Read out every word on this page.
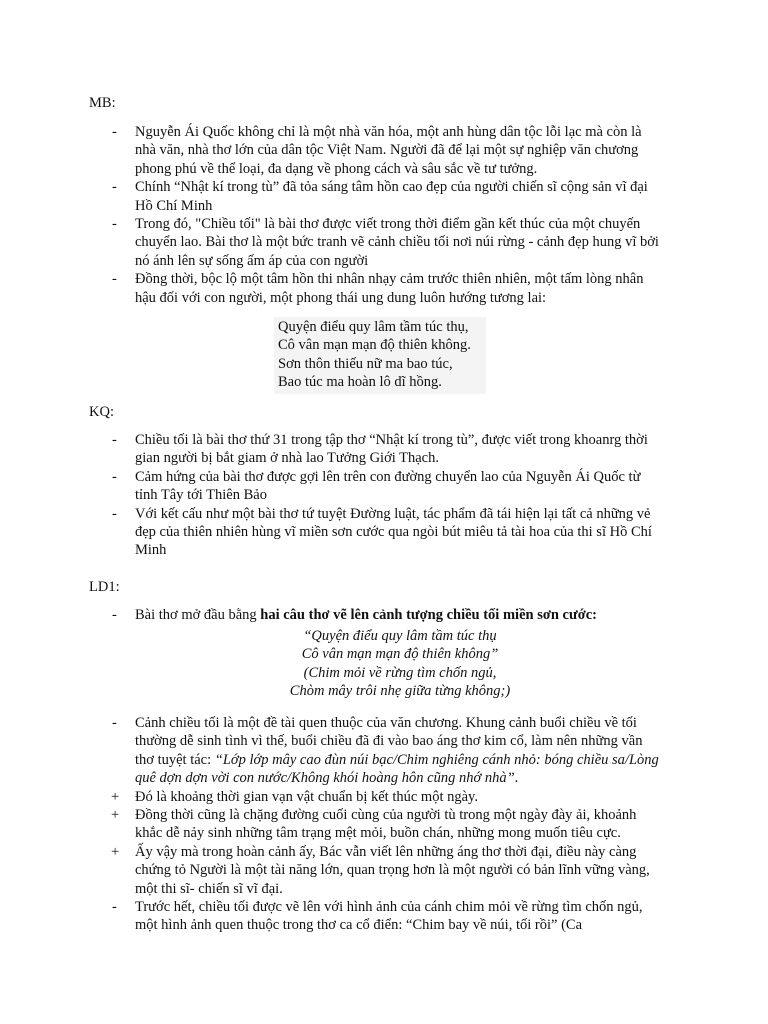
MB:
- Nguyễn Ái Quốc không chỉ là một nhà văn hóa, một anh hùng dân tộc lỗi lạc mà còn là nhà văn, nhà thơ lớn của dân tộc Việt Nam. Người đã để lại một sự nghiệp văn chương phong phú về thể loại, đa dạng về phong cách và sâu sắc về tư tưởng.
- Chính “Nhật kí trong tù” đã tỏa sáng tâm hồn cao đẹp của người chiến sĩ cộng sản vĩ đại Hồ Chí Minh
- Trong đó, "Chiều tối" là bài thơ được viết trong thời điểm gần kết thúc của một chuyến chuyển lao. Bài thơ là một bức tranh vẽ cảnh chiều tối nơi núi rừng - cảnh đẹp hung vĩ bởi nó ánh lên sự sống ấm áp của con người
- Đồng thời, bộc lộ một tâm hồn thi nhân nhạy cảm trước thiên nhiên, một tấm lòng nhân hậu đối với con người, một phong thái ung dung luôn hướng tương lai:
Quyện điểu quy lâm tầm túc thụ,
Cô vân mạn mạn độ thiên không.
Sơn thôn thiếu nữ ma bao túc,
Bao túc ma hoàn lô dĩ hồng.
KQ:
- Chiều tối là bài thơ thứ 31 trong tập thơ “Nhật kí trong tù”, được viết trong khoanrg thời gian người bị bắt giam ở nhà lao Tưởng Giới Thạch.
- Cảm hứng của bài thơ được gợi lên trên con đường chuyển lao của Nguyễn Ái Quốc từ tỉnh Tây tới Thiên Bảo
- Với kết cấu như một bài thơ tứ tuyệt Đường luật, tác phẩm đã tái hiện lại tất cả những vẻ đẹp của thiên nhiên hùng vĩ miền sơn cước qua ngòi bút miêu tả tài hoa của thi sĩ Hồ Chí Minh
LD1:
- Bài thơ mở đầu bằng hai câu thơ vẽ lên cảnh tượng chiều tối miền sơn cước:
“Quyện điểu quy lâm tầm túc thụ
Cô vân mạn mạn độ thiên không”
(Chim mỏi về rừng tìm chốn ngủ,
Chòm mây trôi nhẹ giữa từng không;)
- Cảnh chiều tối là một đề tài quen thuộc của văn chương. Khung cảnh buổi chiều về tối thường dễ sinh tình vì thế, buổi chiều đã đi vào bao áng thơ kim cổ, làm nên những vần thơ tuyệt tác: “Lớp lớp mây cao đùn núi bạc/Chim nghiêng cánh nhỏ: bóng chiều sa/Lòng quê dợn dợn vời con nước/Không khói hoàng hôn cũng nhớ nhà”.
+ Đó là khoảng thời gian vạn vật chuẩn bị kết thúc một ngày.
+ Đồng thời cũng là chặng đường cuối cùng của người tù trong một ngày đày ải, khoảnh khắc dễ nảy sinh những tâm trạng mệt mỏi, buồn chán, những mong muốn tiêu cực.
+ Ấy vậy mà trong hoàn cảnh ấy, Bác vẫn viết lên những áng thơ thời đại, điều này càng chứng tỏ Người là một tài năng lớn, quan trọng hơn là một người có bản lĩnh vững vàng, một thi sĩ- chiến sĩ vĩ đại.
- Trước hết, chiều tối được vẽ lên với hình ảnh của cánh chim mỏi về rừng tìm chốn ngủ, một hình ảnh quen thuộc trong thơ ca cổ điển: “Chim bay về núi, tối rồi” (Ca
